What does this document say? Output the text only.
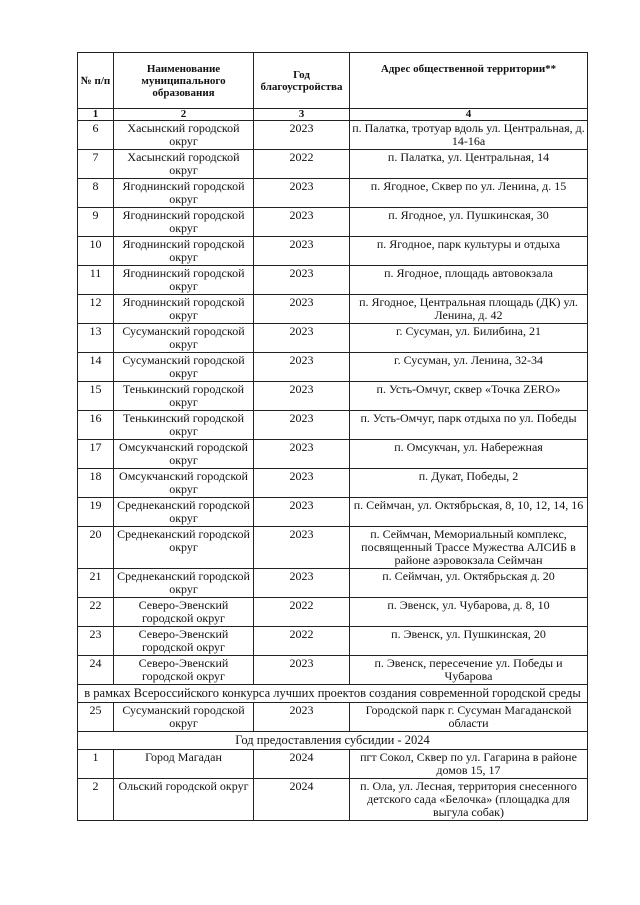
№ п/п	Наименование муниципального образования	Год благоустройства	Адрес общественной территории**
1	2	3	4
6	Хасынский городской округ	2023	п. Палатка, тротуар вдоль ул. Центральная, д. 14-16а
7	Хасынский городской округ	2022	п. Палатка, ул. Центральная, 14
8	Ягоднинский городской округ	2023	п. Ягодное, Сквер по ул. Ленина, д. 15
9	Ягоднинский городской округ	2023	п. Ягодное, ул. Пушкинская, 30
10	Ягоднинский городской округ	2023	п. Ягодное, парк культуры и отдыха
11	Ягоднинский городской округ	2023	п. Ягодное, площадь автовокзала
12	Ягоднинский городской округ	2023	п. Ягодное, Центральная площадь (ДК) ул. Ленина, д. 42
13	Сусуманский городской округ	2023	г. Сусуман, ул. Билибина, 21
14	Сусуманский городской округ	2023	г. Сусуман, ул. Ленина, 32-34
15	Тенькинский городской округ	2023	п. Усть-Омчуг, сквер «Точка ZERO»
16	Тенькинский городской округ	2023	п. Усть-Омчуг, парк отдыха по ул. Победы
17	Омсукчанский городской округ	2023	п. Омсукчан, ул. Набережная
18	Омсукчанский городской округ	2023	п. Дукат, Победы, 2
19	Среднеканский городской округ	2023	п. Сеймчан, ул. Октябрьская, 8, 10, 12, 14, 16
20	Среднеканский городской округ	2023	п. Сеймчан, Мемориальный комплекс, посвященный Трассе Мужества АЛСИБ в районе аэровокзала Сеймчан
21	Среднеканский городской округ	2023	п. Сеймчан, ул. Октябрьская д. 20
22	Северо-Эвенский городской округ	2022	п. Эвенск, ул. Чубарова, д. 8, 10
23	Северо-Эвенский городской округ	2022	п. Эвенск, ул. Пушкинская, 20
24	Северо-Эвенский городской округ	2023	п. Эвенск, пересечение ул. Победы и Чубарова
в рамках Всероссийского конкурса лучших проектов создания современной городской среды			
25	Сусуманский городской округ	2023	Городской парк г. Сусуман Магаданской области
Год предоставления субсидии - 2024			
1	Город Магадан	2024	пгт Сокол, Сквер по ул. Гагарина в районе домов 15, 17
2	Ольский городской округ	2024	п. Ола, ул. Лесная, территория снесенного детского сада «Белочка» (площадка для выгула собак)
